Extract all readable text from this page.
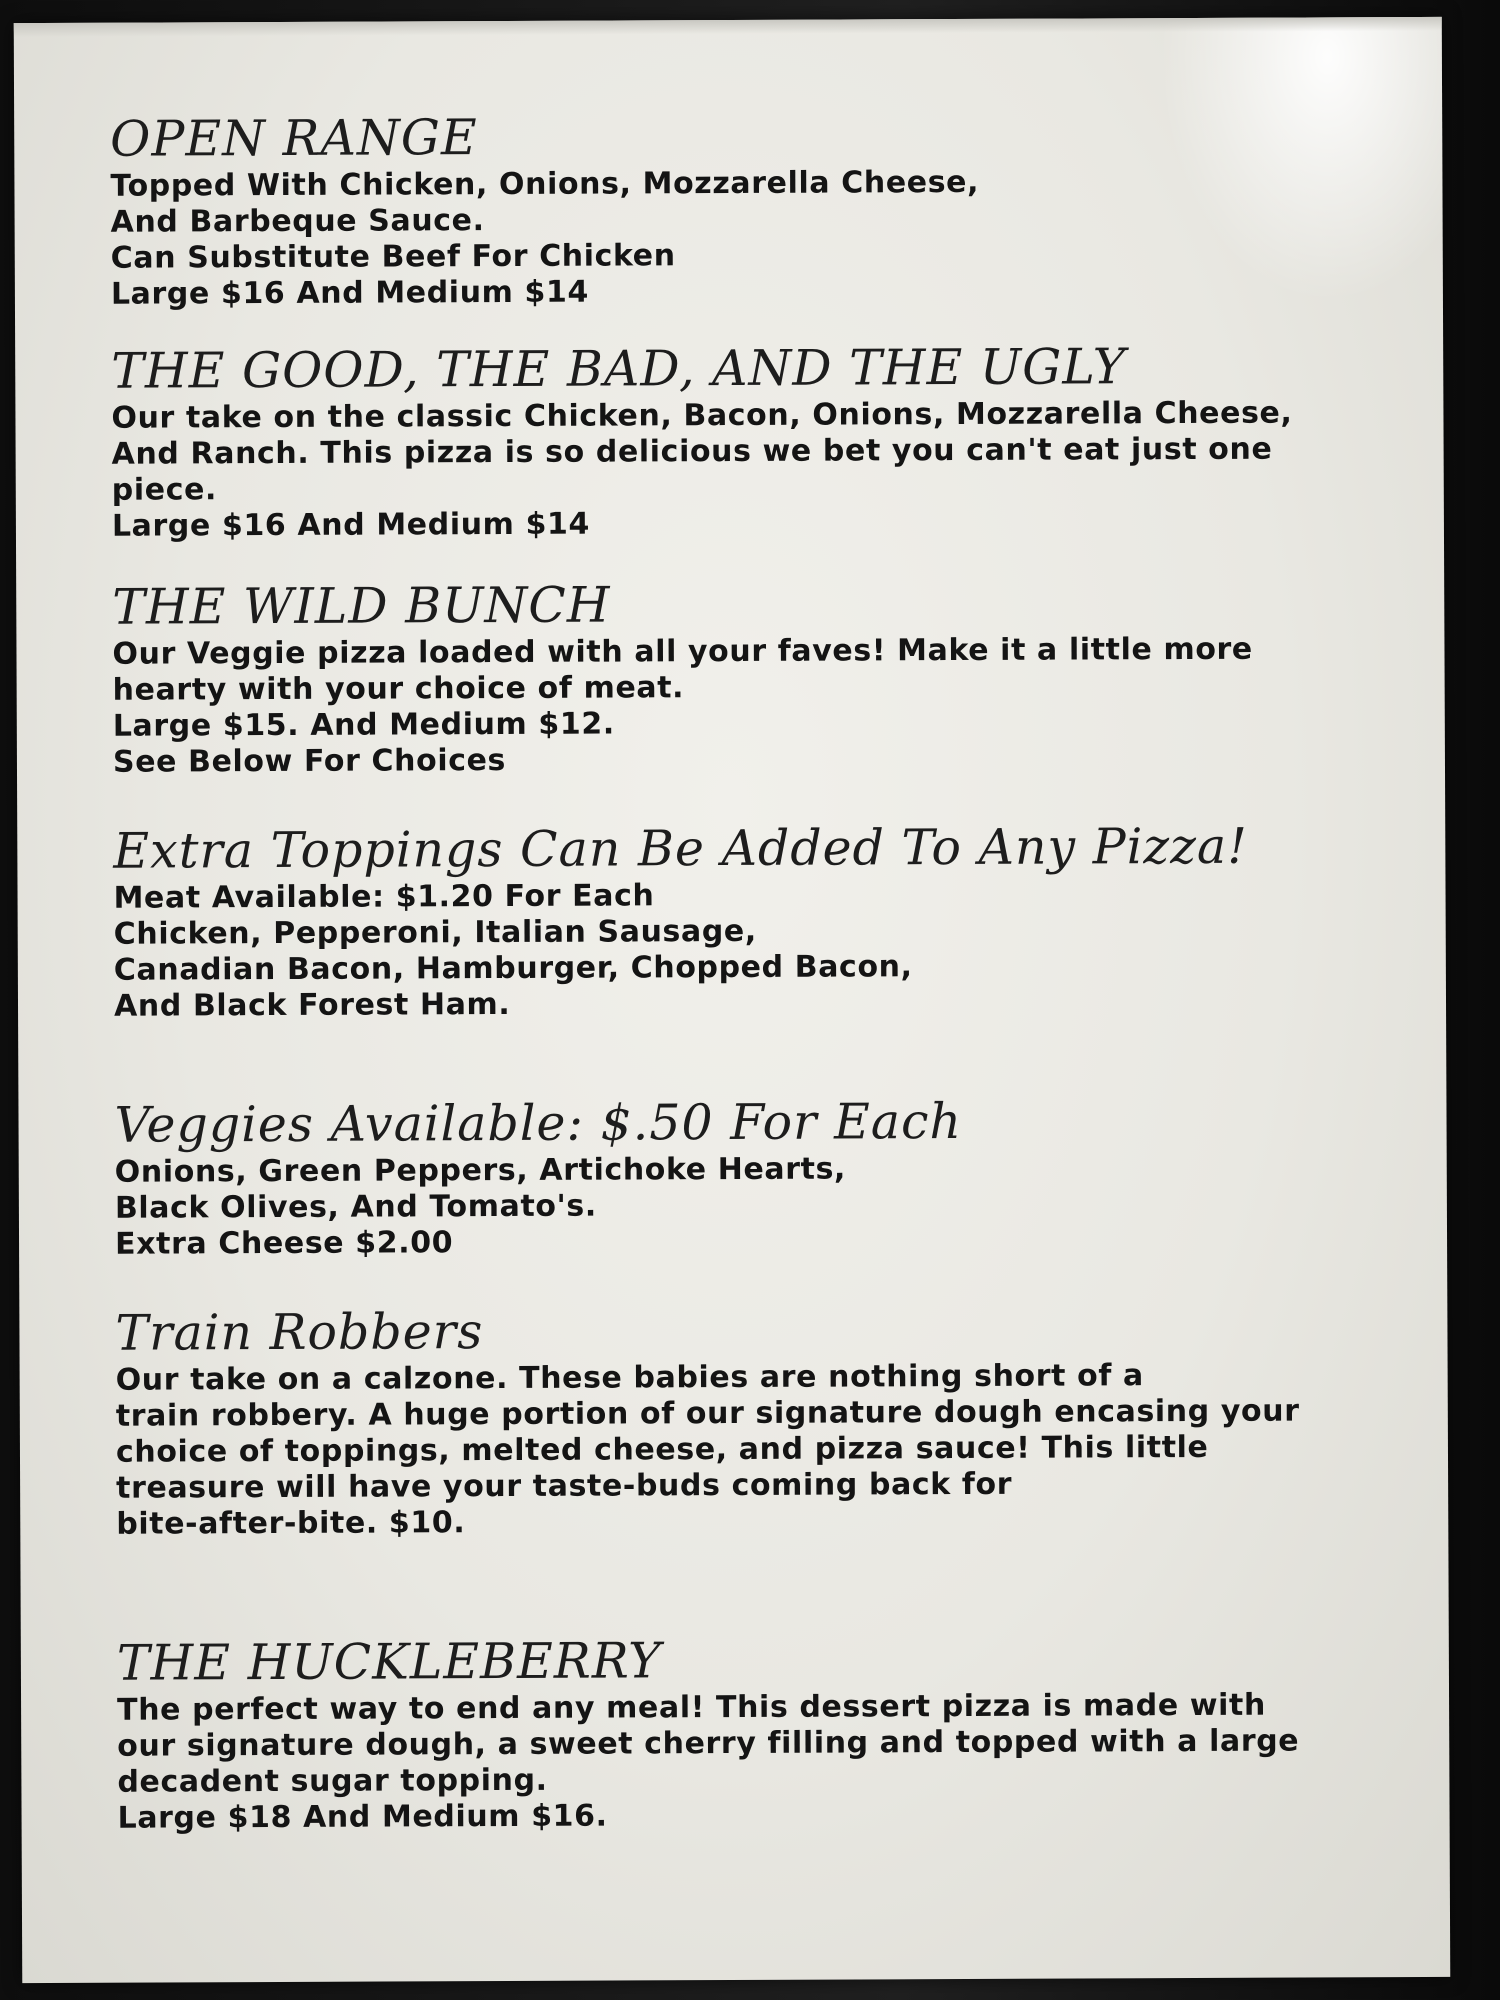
OPEN RANGE
Topped With Chicken, Onions, Mozzarella Cheese,
And Barbeque Sauce.
Can Substitute Beef For Chicken
Large $16 And Medium $14
THE GOOD, THE BAD, AND THE UGLY
Our take on the classic Chicken, Bacon, Onions, Mozzarella Cheese,
And Ranch. This pizza is so delicious we bet you can't eat just one
piece.
Large $16 And Medium $14
THE WILD BUNCH
Our Veggie pizza loaded with all your faves! Make it a little more
hearty with your choice of meat.
Large $15. And Medium $12.
See Below For Choices
Extra Toppings Can Be Added To Any Pizza!
Meat Available: $1.20 For Each
Chicken, Pepperoni, Italian Sausage,
Canadian Bacon, Hamburger, Chopped Bacon,
And Black Forest Ham.
Veggies Available: $.50 For Each
Onions, Green Peppers, Artichoke Hearts,
Black Olives, And Tomato's.
Extra Cheese $2.00
Train Robbers
Our take on a calzone. These babies are nothing short of a
train robbery. A huge portion of our signature dough encasing your
choice of toppings, melted cheese, and pizza sauce! This little
treasure will have your taste-buds coming back for
bite-after-bite. $10.
THE HUCKLEBERRY
The perfect way to end any meal! This dessert pizza is made with
our signature dough, a sweet cherry filling and topped with a large
decadent sugar topping.
Large $18 And Medium $16.
